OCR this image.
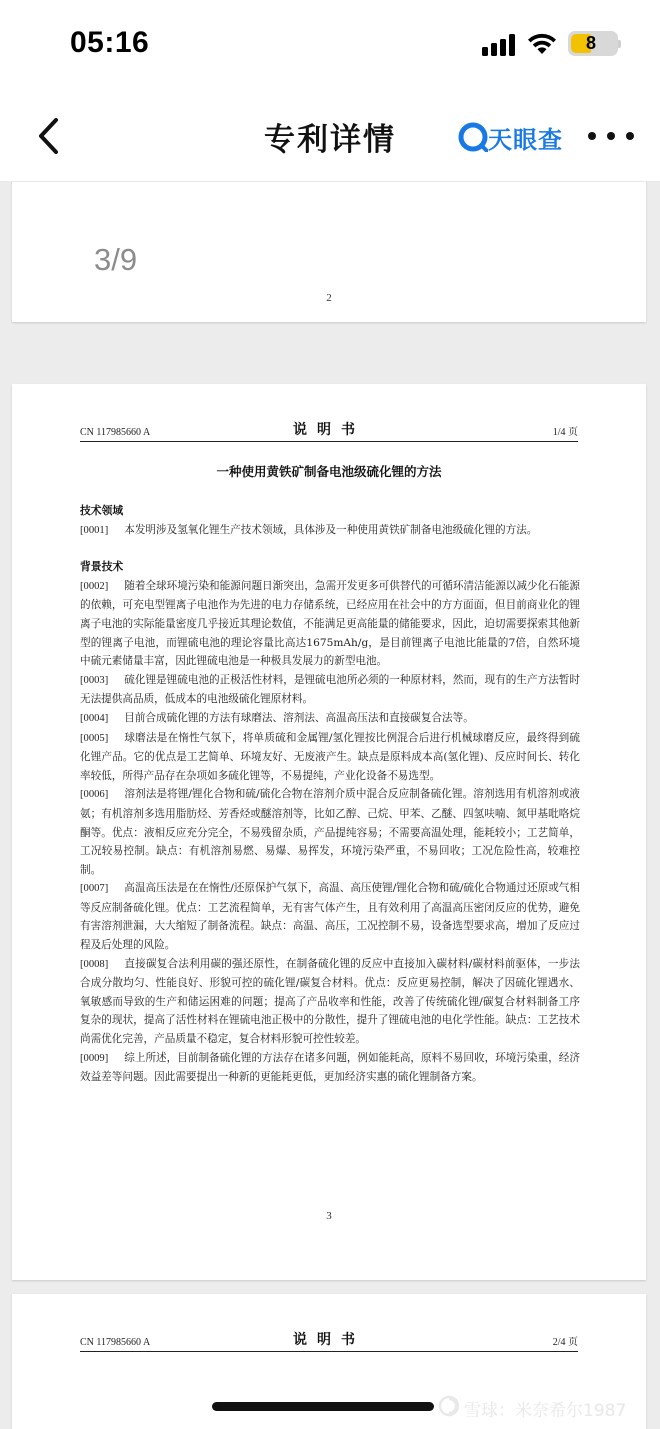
05:16	8
专利详情	天眼查
3/9
2
CN 117985660 A	说明书	1/4 页
一种使用黄铁矿制备电池级硫化锂的方法
技术领域
[0001] 本发明涉及氢氧化锂生产技术领域，具体涉及一种使用黄铁矿制备电池级硫化锂的方法。
背景技术
[0002] 随着全球环境污染和能源问题日渐突出，急需开发更多可供替代的可循环清洁能源以减少化石能源的依赖，可充电型锂离子电池作为先进的电力存储系统，已经应用在社会中的方方面面，但目前商业化的锂离子电池的实际能量密度几乎接近其理论数值，不能满足更高能量的储能要求，因此，迫切需要探索其他新型的锂离子电池，而锂硫电池的理论容量比高达1675mAh/g，是目前锂离子电池比能量的7倍，自然环境中硫元素储量丰富，因此锂硫电池是一种极具发展力的新型电池。
[0003] 硫化锂是锂硫电池的正极活性材料，是锂硫电池所必须的一种原材料，然而，现有的生产方法暂时无法提供高品质，低成本的电池级硫化锂原材料。
[0004] 目前合成硫化锂的方法有球磨法、溶剂法、高温高压法和直接碳复合法等。
[0005] 球磨法是在惰性气氛下，将单质硫和金属锂/氢化锂按比例混合后进行机械球磨反应，最终得到硫化锂产品。它的优点是工艺简单、环境友好、无废液产生。缺点是原料成本高(氢化锂)、反应时间长、转化率较低，所得产品存在杂项如多硫化锂等，不易提纯，产业化设备不易选型。
[0006] 溶剂法是将锂/锂化合物和硫/硫化合物在溶剂介质中混合反应制备硫化锂。溶剂选用有机溶剂或液氨；有机溶剂多选用脂肪烃、芳香烃或醚溶剂等，比如乙醇、己烷、甲苯、乙醚、四氢呋喃、氮甲基吡咯烷酮等。优点：液相反应充分完全，不易残留杂质，产品提纯容易；不需要高温处理，能耗较小；工艺简单，工况较易控制。缺点：有机溶剂易燃、易爆、易挥发，环境污染严重，不易回收；工况危险性高，较难控制。
[0007] 高温高压法是在在惰性/还原保护气氛下，高温、高压使锂/锂化合物和硫/硫化合物通过还原或气相等反应制备硫化锂。优点：工艺流程简单，无有害气体产生，且有效利用了高温高压密闭反应的优势，避免有害溶剂泄漏，大大缩短了制备流程。缺点：高温、高压，工况控制不易，设备选型要求高，增加了反应过程及后处理的风险。
[0008] 直接碳复合法利用碳的强还原性，在制备硫化锂的反应中直接加入碳材料/碳材料前驱体，一步法合成分散均匀、性能良好、形貌可控的硫化锂/碳复合材料。优点：反应更易控制，解决了因硫化锂遇水、氧敏感而导致的生产和储运困难的问题；提高了产品收率和性能，改善了传统硫化锂/碳复合材料制备工序复杂的现状，提高了活性材料在锂硫电池正极中的分散性，提升了锂硫电池的电化学性能。缺点：工艺技术尚需优化完善，产品质量不稳定，复合材料形貌可控性较差。
[0009] 综上所述，目前制备硫化锂的方法存在诸多问题，例如能耗高，原料不易回收，环境污染重，经济效益差等问题。因此需要提出一种新的更能耗更低，更加经济实惠的硫化锂制备方案。
3
CN 117985660 A	说明书	2/4 页
雪球：米奈希尔1987
